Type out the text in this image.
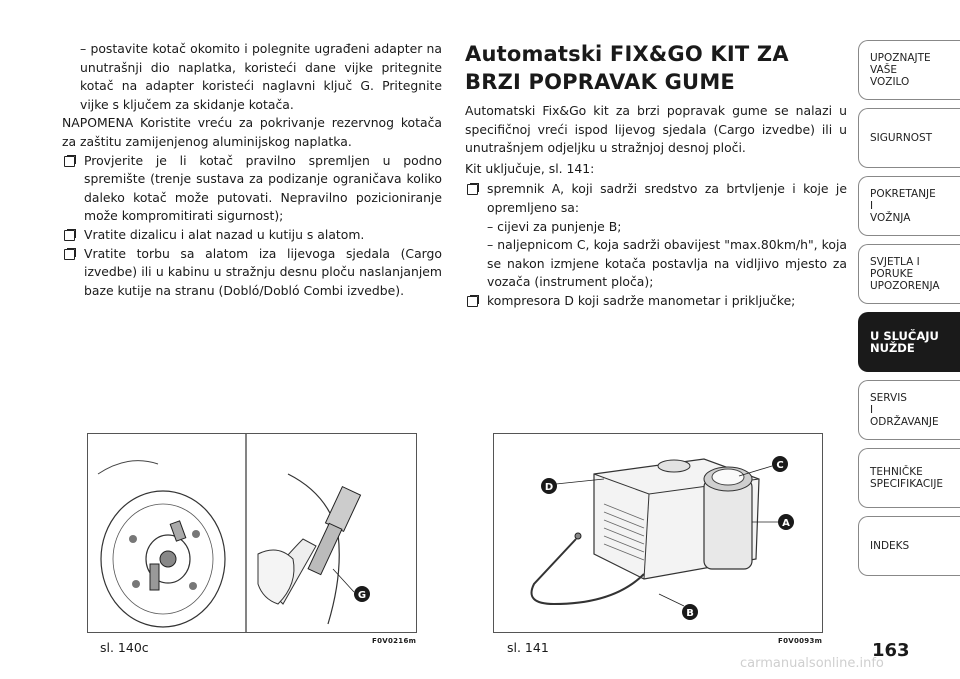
– postavite kotač okomito i polegnite ugrađeni adapter na unutrašnji dio naplatka, koristeći dane vijke pritegnite kotač na adapter koristeći naglavni ključ G. Pritegnite vijke s ključem za skidanje kotača.

NAPOMENA Koristite vreću za pokrivanje rezervnog kotača za zaštitu zamijenjenog aluminijskog naplatka.

Provjerite je li kotač pravilno spremljen u podno spremište (trenje sustava za podizanje ograničava koliko daleko kotač može putovati. Nepravilno pozicioniranje može kompromitirati sigurnost);

Vratite dizalicu i alat nazad u kutiju s alatom.

Vratite torbu sa alatom iza lijevoga sjedala (Cargo izvedbe) ili u kabinu u stražnju desnu ploču naslanjanjem baze kutije na stranu (Dobló/Dobló Combi izvedbe).

Automatski FIX&GO KIT ZA BRZI POPRAVAK GUME

Automatski Fix&Go kit za brzi popravak gume se nalazi u specifičnoj vreći ispod lijevog sjedala (Cargo izvedbe) ili u unutrašnjem odjeljku u stražnjoj desnoj ploči.

Kit uključuje, sl. 141:

spremnik A, koji sadrži sredstvo za brtvljenje i koje je opremljeno sa:

– cijevi za punjenje B;

– naljepnicom C, koja sadrži obavijest "max.80km/h", koja se nakon izmjene kotača postavlja na vidljivo mjesto za vozača (instrument ploča);

kompresora D koji sadrže manometar i priključke;

UPOZNAJTE
VAŠE
VOZILO
SIGURNOST
POKRETANJE
I
VOŽNJA
SVJETLA I
PORUKE
UPOZORENJA
U SLUČAJU
NUŽDE
SERVIS
I
ODRŽAVANJE
TEHNIČKE
SPECIFIKACIJE
INDEKS
G
sl. 140c	F0V0216m
D
C
A
B
sl. 141	F0V0093m	163
carmanualsonline.info
